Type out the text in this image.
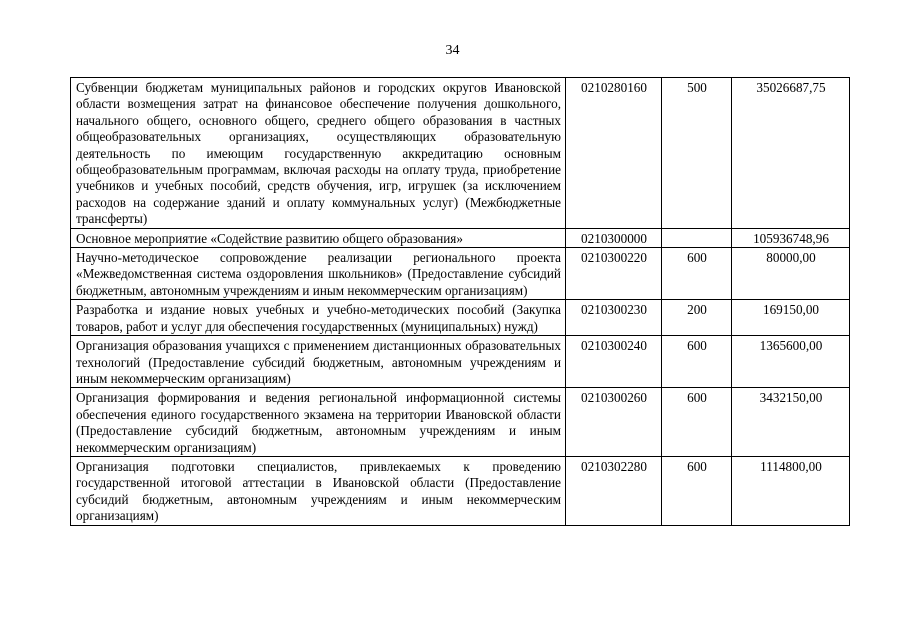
34
Субвенции бюджетам муниципальных районов и городских округов Ивановской области возмещения затрат на финансовое обеспечение получения дошкольного, начального общего, основного общего, среднего общего образования в частных общеобразовательных организациях, осуществляющих образовательную деятельность по имеющим государственную аккредитацию основным общеобразовательным программам, включая расходы на оплату труда, приобретение учебников и учебных пособий, средств обучения, игр, игрушек (за исключением расходов на содержание зданий и оплату коммунальных услуг) (Межбюджетные трансферты)	0210280160	500	35026687,75
Основное мероприятие «Содействие развитию общего образования»	0210300000		105936748,96
Научно-методическое сопровождение реализации регионального проекта «Межведомственная система оздоровления школьников» (Предоставление субсидий бюджетным, автономным учреждениям и иным некоммерческим организациям)	0210300220	600	80000,00
Разработка и издание новых учебных и учебно-методических пособий (Закупка товаров, работ и услуг для обеспечения государственных (муниципальных) нужд)	0210300230	200	169150,00
Организация образования учащихся с применением дистанционных образовательных технологий (Предоставление субсидий бюджетным, автономным учреждениям и иным некоммерческим организациям)	0210300240	600	1365600,00
Организация формирования и ведения региональной информационной системы обеспечения единого государственного экзамена на территории Ивановской области (Предоставление субсидий бюджетным, автономным учреждениям и иным некоммерческим организациям)	0210300260	600	3432150,00
Организация подготовки специалистов, привлекаемых к проведению государственной итоговой аттестации в Ивановской области (Предоставление субсидий бюджетным, автономным учреждениям и иным некоммерческим организациям)	0210302280	600	1114800,00
